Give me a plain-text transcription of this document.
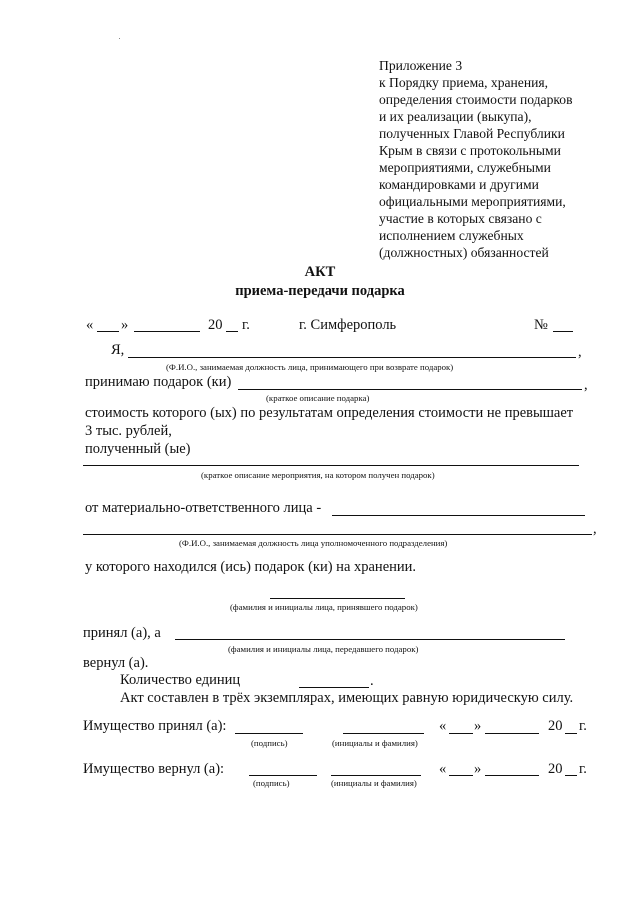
Приложение 3
к Порядку приема, хранения,
определения стоимости подарков
и их реализации (выкупа),
полученных Главой Республики
Крым в связи с протокольными
мероприятиями, служебными
командировками и другими
официальными мероприятиями,
участие в которых связано с
исполнением служебных
(должностных) обязанностей
АКТ
приема-передачи подарка
« »	20 г.	г. Симферополь	№
Я,	,
(Ф.И.О., занимаемая должность лица, принимающего при возврате подарок)
принимаю подарок (ки)	,
(краткое описание подарка)
стоимость которого (ых) по результатам определения стоимости не превышает
3 тыс. рублей,
полученный (ые)
(краткое описание мероприятия, на котором получен подарок)
от материально-ответственного лица -
,
(Ф.И.О., занимаемая должность лица уполномоченного подразделения)
у которого находился (ись) подарок (ки) на хранении.
(фамилия и инициалы лица, принявшего подарок)
принял (а), а
(фамилия и инициалы лица, передавшего подарок)
вернул (а).
Количество единиц	.
Акт составлен в трёх экземплярах, имеющих равную юридическую силу.
Имущество принял (а):
(подпись)	(инициалы и фамилия)
« »	20 г.
Имущество вернул (а):
(подпись)	(инициалы и фамилия)
« »	20 г.
